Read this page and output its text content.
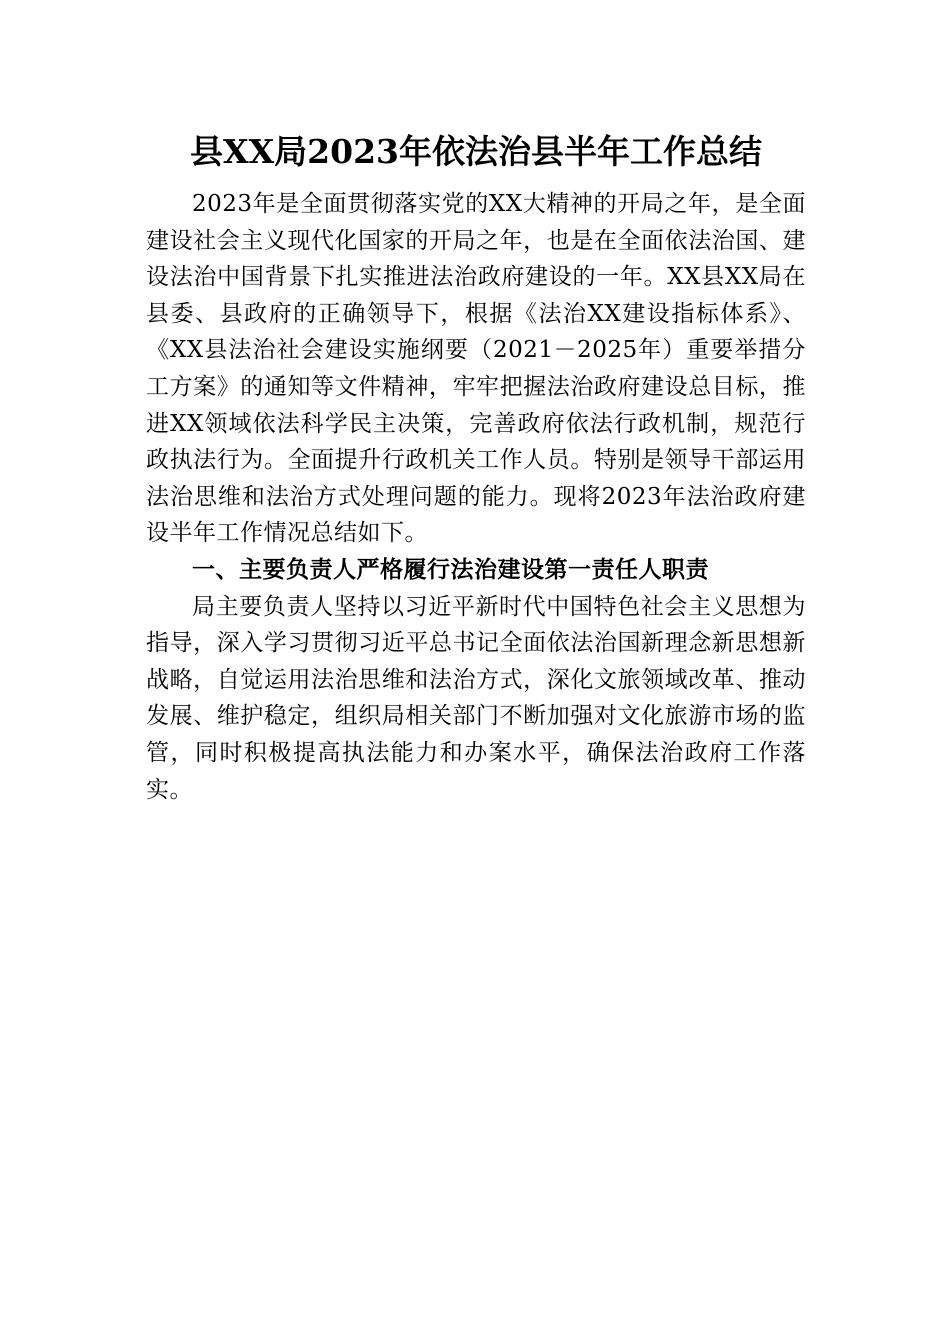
县XX局2023年依法治县半年工作总结

2023年是全面贯彻落实党的XX大精神的开局之年，是全面建设社会主义现代化国家的开局之年，也是在全面依法治国、建设法治中国背景下扎实推进法治政府建设的一年。XX县XX局在县委、县政府的正确领导下，根据《法治XX建设指标体系》、《XX县法治社会建设实施纲要（2021－2025年）重要举措分工方案》的通知等文件精神，牢牢把握法治政府建设总目标，推进XX领域依法科学民主决策，完善政府依法行政机制，规范行政执法行为。全面提升行政机关工作人员。特别是领导干部运用法治思维和法治方式处理问题的能力。现将2023年法治政府建设半年工作情况总结如下。

一、主要负责人严格履行法治建设第一责任人职责

局主要负责人坚持以习近平新时代中国特色社会主义思想为指导，深入学习贯彻习近平总书记全面依法治国新理念新思想新战略，自觉运用法治思维和法治方式，深化文旅领域改革、推动发展、维护稳定，组织局相关部门不断加强对文化旅游市场的监管，同时积极提高执法能力和办案水平，确保法治政府工作落实。
